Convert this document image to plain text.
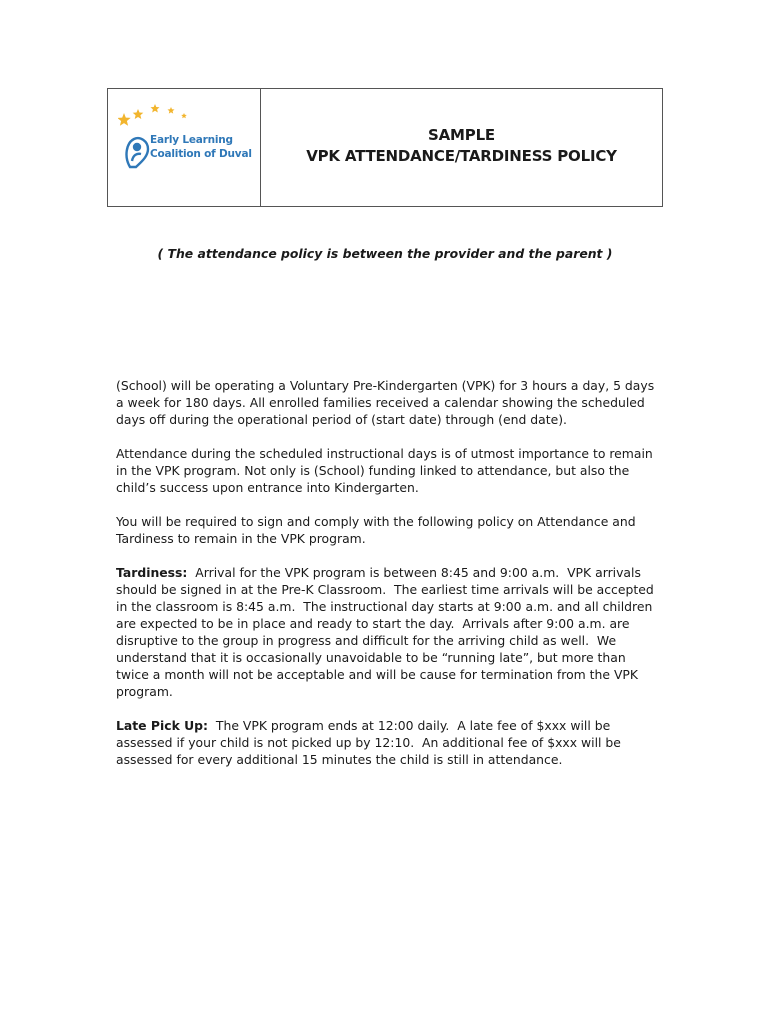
Early Learning
Coalition of Duval
SAMPLE
VPK ATTENDANCE/TARDINESS POLICY
( The attendance policy is between the provider and the parent )

(School) will be operating a Voluntary Pre-Kindergarten (VPK) for 3 hours a day, 5 days a week for 180 days. All enrolled families received a calendar showing the scheduled days off during the operational period of (start date) through (end date).

Attendance during the scheduled instructional days is of utmost importance to remain in the VPK program. Not only is (School) funding linked to attendance, but also the child’s success upon entrance into Kindergarten.

You will be required to sign and comply with the following policy on Attendance and Tardiness to remain in the VPK program.

Tardiness:  Arrival for the VPK program is between 8:45 and 9:00 a.m.  VPK arrivals should be signed in at the Pre-K Classroom.  The earliest time arrivals will be accepted in the classroom is 8:45 a.m.  The instructional day starts at 9:00 a.m. and all children are expected to be in place and ready to start the day.  Arrivals after 9:00 a.m. are disruptive to the group in progress and difficult for the arriving child as well.  We understand that it is occasionally unavoidable to be “running late”, but more than twice a month will not be acceptable and will be cause for termination from the VPK program.

Late Pick Up:  The VPK program ends at 12:00 daily.  A late fee of $xxx will be assessed if your child is not picked up by 12:10.  An additional fee of $xxx will be assessed for every additional 15 minutes the child is still in attendance.
